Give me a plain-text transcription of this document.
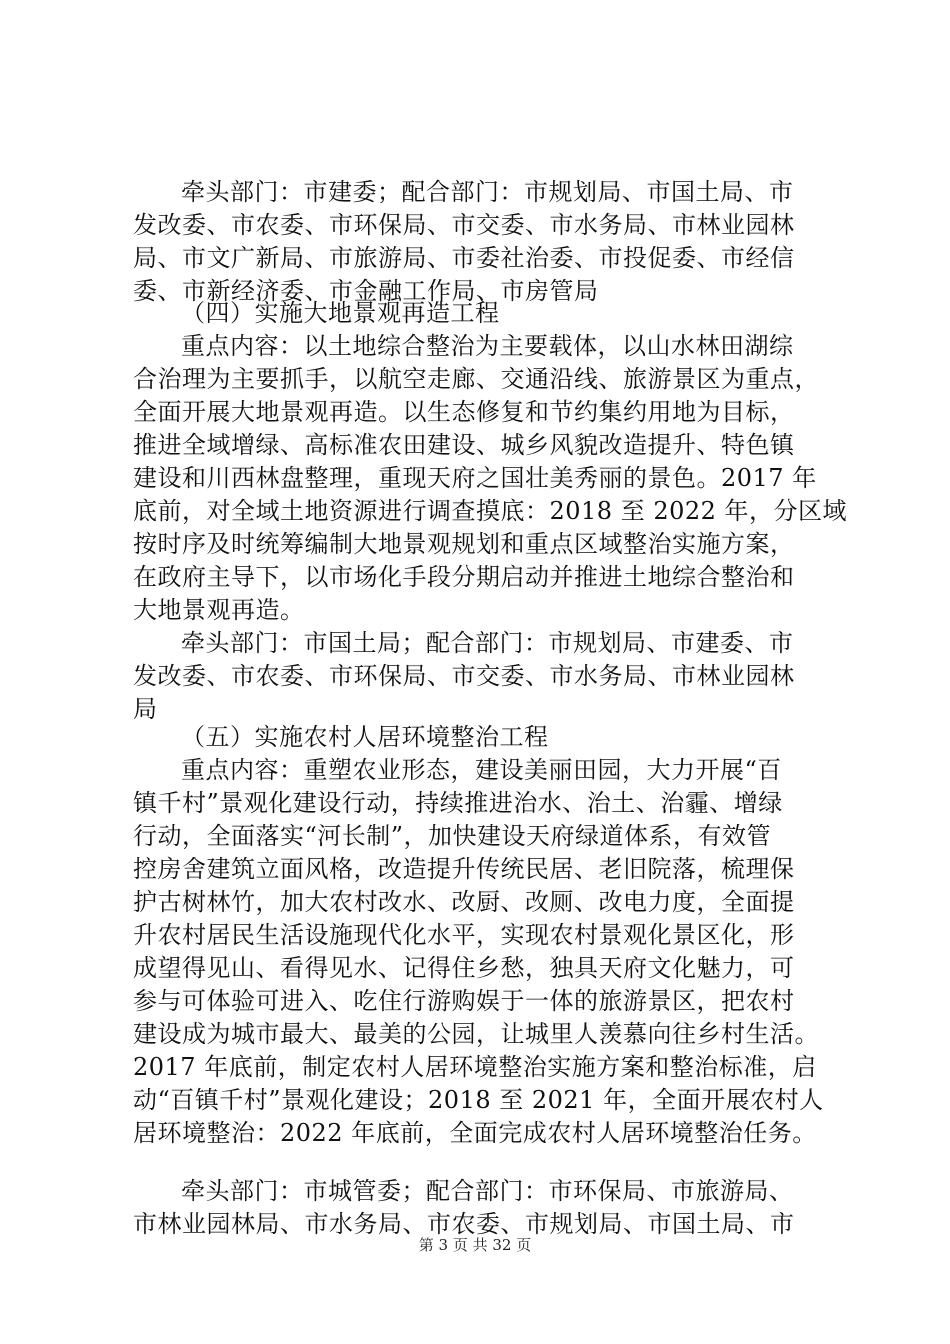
牵头部门：市建委；配合部门：市规划局、市国土局、市
发改委、市农委、市环保局、市交委、市水务局、市林业园林
局、市文广新局、市旅游局、市委社治委、市投促委、市经信
委、市新经济委、市金融工作局、市房管局
（四）实施大地景观再造工程
重点内容：以土地综合整治为主要载体，以山水林田湖综
合治理为主要抓手，以航空走廊、交通沿线、旅游景区为重点，
全面开展大地景观再造。以生态修复和节约集约用地为目标，
推进全域增绿、高标准农田建设、城乡风貌改造提升、特色镇
建设和川西林盘整理，重现天府之国壮美秀丽的景色。2017 年
底前，对全域土地资源进行调查摸底：2018 至 2022 年，分区域
按时序及时统筹编制大地景观规划和重点区域整治实施方案，
在政府主导下，以市场化手段分期启动并推进土地综合整治和
大地景观再造。
牵头部门：市国土局；配合部门：市规划局、市建委、市
发改委、市农委、市环保局、市交委、市水务局、市林业园林
局
（五）实施农村人居环境整治工程
重点内容：重塑农业形态，建设美丽田园，大力开展“百
镇千村”景观化建设行动，持续推进治水、治土、治霾、增绿
行动，全面落实“河长制”，加快建设天府绿道体系，有效管
控房舍建筑立面风格，改造提升传统民居、老旧院落，梳理保
护古树林竹，加大农村改水、改厨、改厕、改电力度，全面提
升农村居民生活设施现代化水平，实现农村景观化景区化，形
成望得见山、看得见水、记得住乡愁，独具天府文化魅力，可
参与可体验可进入、吃住行游购娱于一体的旅游景区，把农村
建设成为城市最大、最美的公园，让城里人羡慕向往乡村生活。
2017 年底前，制定农村人居环境整治实施方案和整治标准，启
动“百镇千村”景观化建设；2018 至 2021 年，全面开展农村人
居环境整治：2022 年底前，全面完成农村人居环境整治任务。
牵头部门：市城管委；配合部门：市环保局、市旅游局、
市林业园林局、市水务局、市农委、市规划局、市国土局、市
第 3 页 共 32 页
